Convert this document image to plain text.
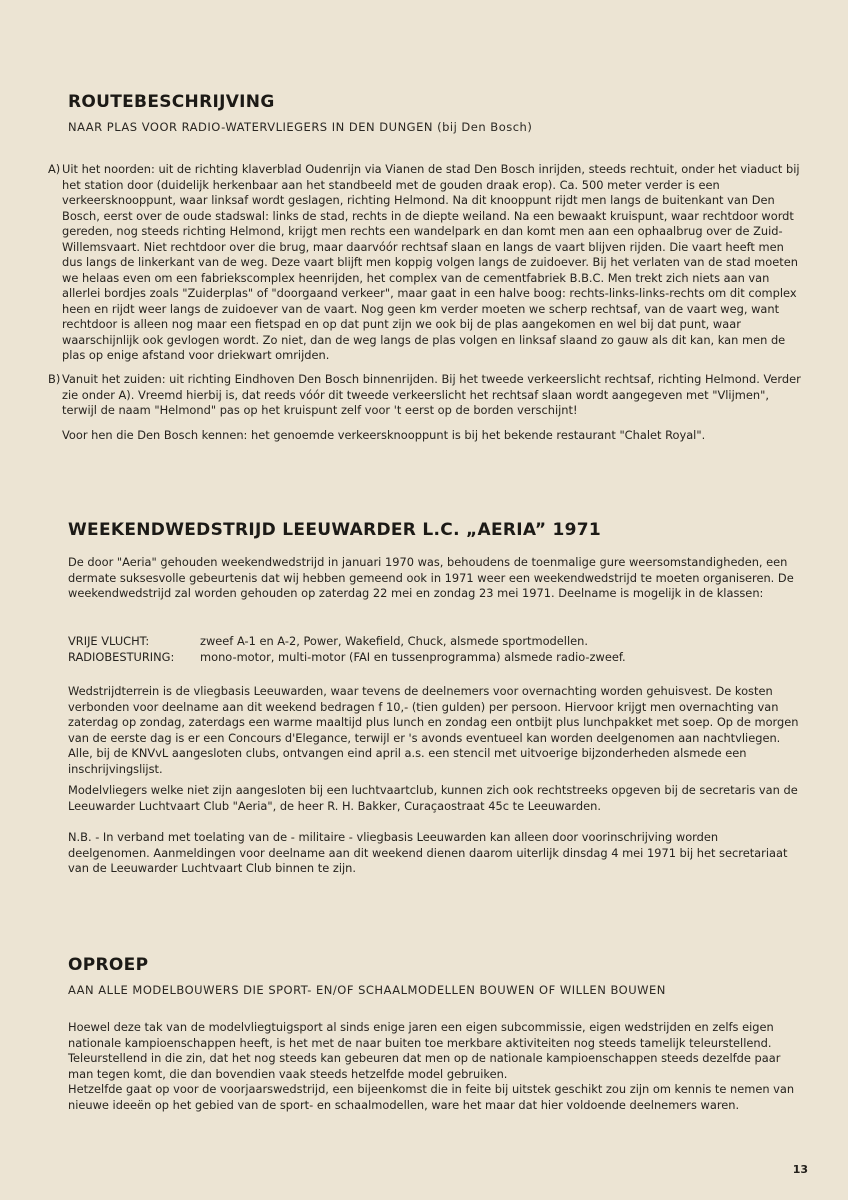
ROUTEBESCHRIJVING
NAAR PLAS VOOR RADIO-WATERVLIEGERS IN DEN DUNGEN (bij Den Bosch)
A) Uit het noorden: uit de richting klaverblad Oudenrijn via Vianen de stad Den Bosch inrijden, steeds rechtuit, onder het viaduct bij het station door (duidelijk herkenbaar aan het standbeeld met de gouden draak erop). Ca. 500 meter verder is een verkeersknooppunt, waar linksaf wordt geslagen, richting Helmond. Na dit knooppunt rijdt men langs de buitenkant van Den Bosch, eerst over de oude stadswal: links de stad, rechts in de diepte weiland. Na een bewaakt kruispunt, waar rechtdoor wordt gereden, nog steeds richting Helmond, krijgt men rechts een wandelpark en dan komt men aan een ophaalbrug over de Zuid-Willemsvaart. Niet rechtdoor over die brug, maar daarvóór rechtsaf slaan en langs de vaart blijven rijden. Die vaart heeft men dus langs de linkerkant van de weg. Deze vaart blijft men koppig volgen langs de zuidoever. Bij het verlaten van de stad moeten we helaas even om een fabriekscomplex heenrijden, het complex van de cementfabriek B.B.C. Men trekt zich niets aan van allerlei bordjes zoals "Zuiderplas" of "doorgaand verkeer", maar gaat in een halve boog: rechts-links-links-rechts om dit complex heen en rijdt weer langs de zuidoever van de vaart. Nog geen km verder moeten we scherp rechtsaf, van de vaart weg, want rechtdoor is alleen nog maar een fietspad en op dat punt zijn we ook bij de plas aangekomen en wel bij dat punt, waar waarschijnlijk ook gevlogen wordt. Zo niet, dan de weg langs de plas volgen en linksaf slaand zo gauw als dit kan, kan men de plas op enige afstand voor driekwart omrijden.

B) Vanuit het zuiden: uit richting Eindhoven Den Bosch binnenrijden. Bij het tweede verkeerslicht rechtsaf, richting Helmond. Verder zie onder A). Vreemd hierbij is, dat reeds vóór dit tweede verkeerslicht het rechtsaf slaan wordt aangegeven met "Vlijmen", terwijl de naam "Helmond" pas op het kruispunt zelf voor 't eerst op de borden verschijnt!

Voor hen die Den Bosch kennen: het genoemde verkeersknooppunt is bij het bekende restaurant "Chalet Royal".
WEEKENDWEDSTRIJD LEEUWARDER L.C. „AERIA” 1971
De door "Aeria" gehouden weekendwedstrijd in januari 1970 was, behoudens de toenmalige gure weersomstandigheden, een dermate suksesvolle gebeurtenis dat wij hebben gemeend ook in 1971 weer een weekendwedstrijd te moeten organiseren. De weekendwedstrijd zal worden gehouden op zaterdag 22 mei en zondag 23 mei 1971. Deelname is mogelijk in de klassen:
VRIJE VLUCHT:	zweef A-1 en A-2, Power, Wakefield, Chuck, alsmede sportmodellen.
RADIOBESTURING:	mono-motor, multi-motor (FAI en tussenprogramma) alsmede radio-zweef.
Wedstrijdterrein is de vliegbasis Leeuwarden, waar tevens de deelnemers voor overnachting worden gehuisvest. De kosten verbonden voor deelname aan dit weekend bedragen f 10,- (tien gulden) per persoon. Hiervoor krijgt men overnachting van zaterdag op zondag, zaterdags een warme maaltijd plus lunch en zondag een ontbijt plus lunchpakket met soep. Op de morgen van de eerste dag is er een Concours d'Elegance, terwijl er 's avonds eventueel kan worden deelgenomen aan nachtvliegen. Alle, bij de KNVvL aangesloten clubs, ontvangen eind april a.s. een stencil met uitvoerige bijzonderheden alsmede een inschrijvingslijst.
Modelvliegers welke niet zijn aangesloten bij een luchtvaartclub, kunnen zich ook rechtstreeks opgeven bij de secretaris van de Leeuwarder Luchtvaart Club "Aeria", de heer R. H. Bakker, Curaçaostraat 45c te Leeuwarden.
N.B. - In verband met toelating van de - militaire - vliegbasis Leeuwarden kan alleen door voorinschrijving worden deelgenomen. Aanmeldingen voor deelname aan dit weekend dienen daarom uiterlijk dinsdag 4 mei 1971 bij het secretariaat van de Leeuwarder Luchtvaart Club binnen te zijn.
OPROEP
AAN ALLE MODELBOUWERS DIE SPORT- EN/OF SCHAALMODELLEN BOUWEN OF WILLEN BOUWEN
Hoewel deze tak van de modelvliegtuigsport al sinds enige jaren een eigen subcommissie, eigen wedstrijden en zelfs eigen nationale kampioenschappen heeft, is het met de naar buiten toe merkbare aktiviteiten nog steeds tamelijk teleurstellend. Teleurstellend in die zin, dat het nog steeds kan gebeuren dat men op de nationale kampioenschappen steeds dezelfde paar man tegen komt, die dan bovendien vaak steeds hetzelfde model gebruiken.
Hetzelfde gaat op voor de voorjaarswedstrijd, een bijeenkomst die in feite bij uitstek geschikt zou zijn om kennis te nemen van nieuwe ideeën op het gebied van de sport- en schaalmodellen, ware het maar dat hier voldoende deelnemers waren.
13
